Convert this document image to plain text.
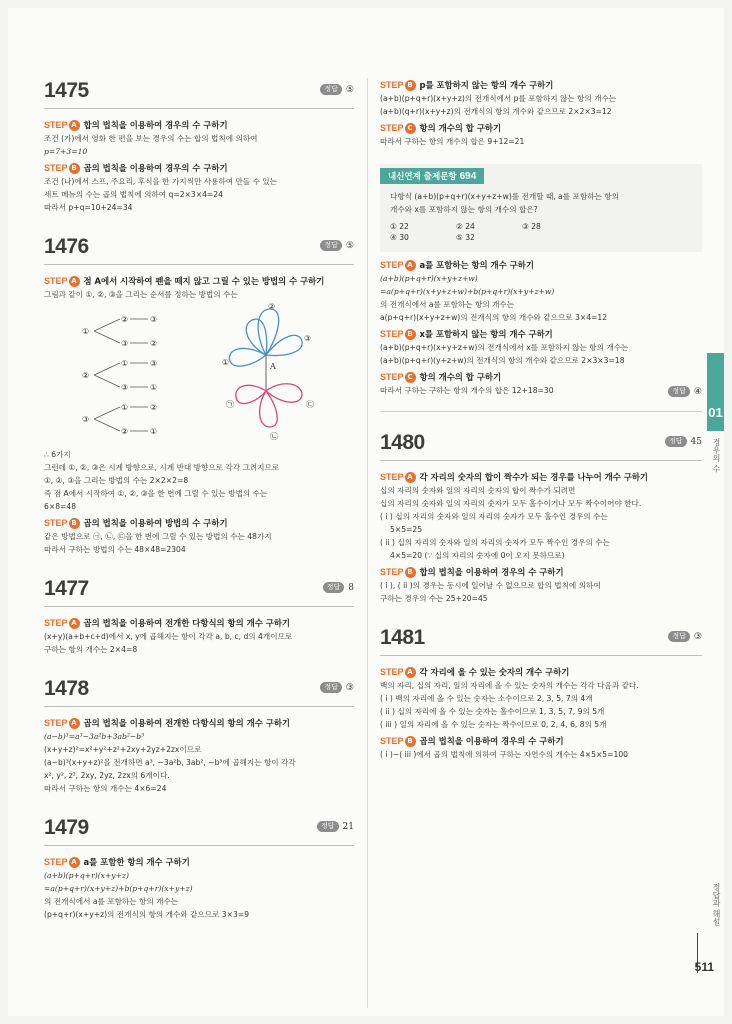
1475	정답 ⑤
STEP A 합의 법칙을 이용하여 경우의 수 구하기
조건 (가)에서 영화 한 편을 보는 경우의 수는 합의 법칙에 의하여
p=7+3=10
STEP B 곱의 법칙을 이용하여 경우의 수 구하기
조건 (나)에서 스프, 주요리, 후식을 한 가지씩만 사용하여 만들 수 있는
세트 메뉴의 수는 곱의 법칙에 의하여 q=2×3×4=24
따라서 p+q=10+24=34
1476	정답 ⑤
STEP A 점 A에서 시작하여 펜을 떼지 않고 그릴 수 있는 방법의 수 구하기
그림과 같이 ①, ②, ③을 그리는 순서를 정하는 방법의 수는
①
②
③
②	③
③	②
①	③
③	①
①	②
②	①
①
②
③
㉠
㉡
㉢
A
∴ 6가지
그런데 ①, ②, ③은 시계 방향으로, 시계 반대 방향으로 각각 그려지므로
①, ②, ③을 그리는 방법의 수는 2×2×2=8
즉 점 A에서 시작하여 ①, ②, ③을 한 번에 그릴 수 있는 방법의 수는
6×8=48
STEP B 곱의 법칙을 이용하여 방법의 수 구하기
같은 방법으로 ㉠, ㉡, ㉢을 한 번에 그릴 수 있는 방법의 수는 48가지
따라서 구하는 방법의 수는 48×48=2304
1477	정답 8
STEP A 곱의 법칙을 이용하여 전개한 다항식의 항의 개수 구하기
(x+y)(a+b+c+d)에서 x, y에 곱해지는 항이 각각 a, b, c, d의 4개이므로
구하는 항의 개수는 2×4=8
1478	정답 ③
STEP A 곱의 법칙을 이용하여 전개한 다항식의 항의 개수 구하기
(a−b)³=a³−3a²b+3ab²−b³
(x+y+z)²=x²+y²+z²+2xy+2yz+2zx이므로
(a−b)³(x+y+z)²을 전개하면 a³, −3a²b, 3ab², −b³에 곱해지는 항이 각각
x², y², z², 2xy, 2yz, 2zx의 6개이다.
따라서 구하는 항의 개수는 4×6=24
1479	정답 21
STEP A a를 포함한 항의 개수 구하기
(a+b)(p+q+r)(x+y+z)
=a(p+q+r)(x+y+z)+b(p+q+r)(x+y+z)
의 전개식에서 a를 포함하는 항의 개수는
(p+q+r)(x+y+z)의 전개식의 항의 개수와 같으므로 3×3=9
STEP B p를 포함하지 않는 항의 개수 구하기
(a+b)(p+q+r)(x+y+z)의 전개식에서 p를 포함하지 않는 항의 개수는
(a+b)(q+r)(x+y+z)의 전개식의 항의 개수와 같으므로 2×2×3=12
STEP C 항의 개수의 합 구하기
따라서 구하는 항의 개수의 합은 9+12=21
내신연계 출제문항 694
다항식 (a+b)(p+q+r)(x+y+z+w)를 전개할 때, a를 포함하는 항의
개수와 x를 포함하지 않는 항의 개수의 합은?
① 22	② 24	③ 28
④ 30	⑤ 32
STEP A a를 포함하는 항의 개수 구하기
(a+b)(p+q+r)(x+y+z+w)
=a(p+q+r)(x+y+z+w)+b(p+q+r)(x+y+z+w)
의 전개식에서 a를 포함하는 항의 개수는
a(p+q+r)(x+y+z+w)의 전개식의 항의 개수와 같으므로 3×4=12
STEP B x를 포함하지 않는 항의 개수 구하기
(a+b)(p+q+r)(x+y+z+w)의 전개식에서 x를 포함하지 않는 항의 개수는
(a+b)(p+q+r)(y+z+w)의 전개식의 항의 개수와 같으므로 2×3×3=18
STEP C 항의 개수의 합 구하기
따라서 구하는 구하는 항의 개수의 합은 12+18=30	정답 ④
1480	정답 45
STEP A 각 자리의 숫자의 합이 짝수가 되는 경우를 나누어 개수 구하기
십의 자리의 숫자와 일의 자리의 숫자의 합이 짝수가 되려면
십의 자리의 숫자와 일의 자리의 숫자가 모두 홀수이거나 모두 짝수이어야 한다.
( i ) 십의 자리의 숫자와 일의 자리의 숫자가 모두 홀수인 경우의 수는
5×5=25
( ii ) 십의 자리의 숫자와 일의 자리의 숫자가 모두 짝수인 경우의 수는
4×5=20 (∵ 십의 자리의 숫자에 0이 오지 못하므로)
STEP B 합의 법칙을 이용하여 경우의 수 구하기
( i ), ( ii )의 경우는 동시에 일어날 수 없으므로 합의 법칙에 의하여
구하는 경우의 수는 25+20=45
1481	정답 ③
STEP A 각 자리에 올 수 있는 숫자의 개수 구하기
백의 자리, 십의 자리, 일의 자리에 올 수 있는 숫자의 개수는 각각 다음과 같다.
( i ) 백의 자리에 올 수 있는 숫자는 소수이므로 2, 3, 5, 7의 4개
( ii ) 십의 자리에 올 수 있는 숫자는 홀수이므로 1, 3, 5, 7, 9의 5개
( iii ) 일의 자리에 올 수 있는 숫자는 짝수이므로 0, 2, 4, 6, 8의 5개
STEP B 곱의 법칙을 이용하여 경우의 수 구하기
( i )~( iii )에서 곱의 법칙에 의하여 구하는 자연수의 개수는 4×5×5=100
01
경우의 수
정답과 해설
511
